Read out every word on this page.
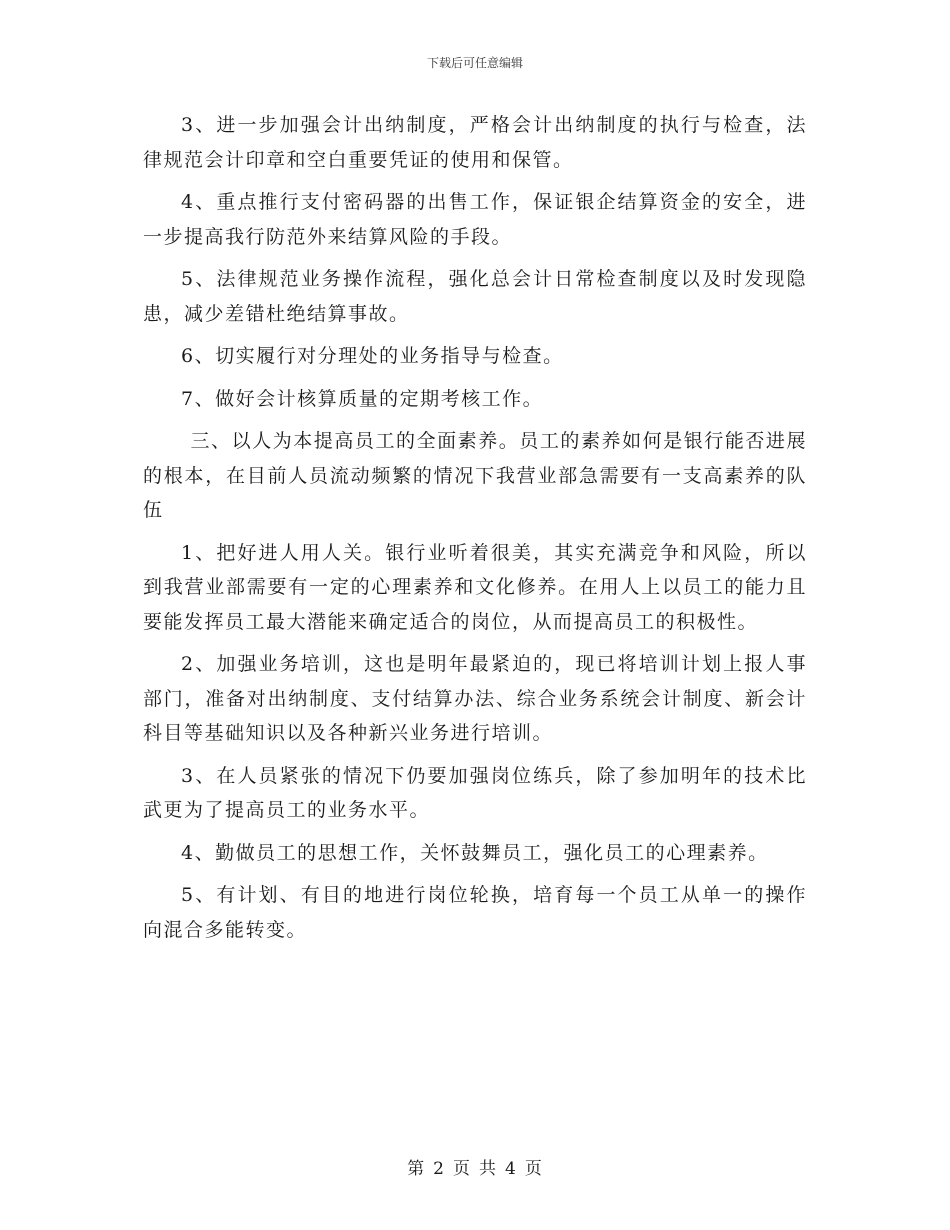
下载后可任意编辑

3、进一步加强会计出纳制度，严格会计出纳制度的执行与检查，法律规范会计印章和空白重要凭证的使用和保管。

4、重点推行支付密码器的出售工作，保证银企结算资金的安全，进一步提高我行防范外来结算风险的手段。

5、法律规范业务操作流程，强化总会计日常检查制度以及时发现隐患，减少差错杜绝结算事故。

6、切实履行对分理处的业务指导与检查。

7、做好会计核算质量的定期考核工作。

三、以人为本提高员工的全面素养。员工的素养如何是银行能否进展的根本，在目前人员流动频繁的情况下我营业部急需要有一支高素养的队伍

1、把好进人用人关。银行业听着很美，其实充满竞争和风险，所以到我营业部需要有一定的心理素养和文化修养。在用人上以员工的能力且要能发挥员工最大潜能来确定适合的岗位，从而提高员工的积极性。

2、加强业务培训，这也是明年最紧迫的，现已将培训计划上报人事部门，准备对出纳制度、支付结算办法、综合业务系统会计制度、新会计科目等基础知识以及各种新兴业务进行培训。

3、在人员紧张的情况下仍要加强岗位练兵，除了参加明年的技术比武更为了提高员工的业务水平。

4、勤做员工的思想工作，关怀鼓舞员工，强化员工的心理素养。

5、有计划、有目的地进行岗位轮换，培育每一个员工从单一的操作向混合多能转变。

第 2 页 共 4 页
